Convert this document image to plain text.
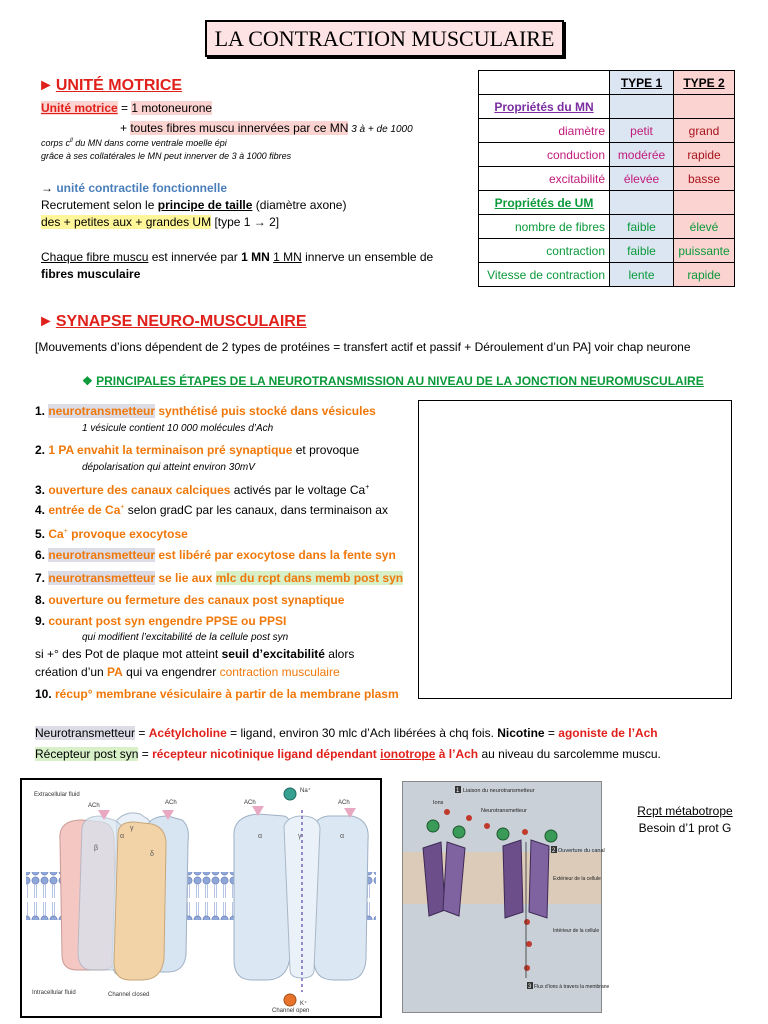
LA CONTRACTION MUSCULAIRE
► UNITÉ MOTRICE
Unité motrice = 1 motoneurone
+ toutes fibres muscu innervées par ce MN 3 à + de 1000
corps $c^{ll}$ du MN dans corne ventrale moelle épi
grâce à ses collatérales le MN peut innerver de 3 à 1000 fibres
→ unité contractile fonctionnelle
Recrutement selon le principe de taille (diamètre axone)
des + petites aux + grandes UM [type 1 → 2]
Chaque fibre muscu est innervée par 1 MN 1 MN innerve un ensemble de
fibres musculaire
	TYPE 1	TYPE 2
Propriétés du MN		
diamètre	petit	grand
conduction	modérée	rapide
excitabilité	élevée	basse
Propriétés de UM		
nombre de fibres	faible	élevé
contraction	faible	puissante
Vitesse de contraction	lente	rapide
► SYNAPSE NEURO-MUSCULAIRE
[Mouvements d’ions dépendent de 2 types de protéines = transfert actif et passif + Déroulement d’un PA] voir chap neurone
❖ PRINCIPALES ÉTAPES DE LA NEUROTRANSMISSION AU NIVEAU DE LA JONCTION NEUROMUSCULAIRE
1. neurotransmetteur synthétisé puis stocké dans vésicules
1 vésicule contient 10 000 molécules d’Ach
2. 1 PA envahit la terminaison pré synaptique et provoque
dépolarisation qui atteint environ 30mV
3. ouverture des canaux calciques activés par le voltage Ca+
4. entrée de Ca+ selon gradC par les canaux, dans terminaison ax
5. Ca+ provoque exocytose
6. neurotransmetteur est libéré par exocytose dans la fente syn
7. neurotransmetteur se lie aux mlc du rcpt dans memb post syn
8. ouverture ou fermeture des canaux post synaptique
9. courant post syn engendre PPSE ou PPSI
qui modifient l’excitabilité de la cellule post syn
si +° des Pot de plaque mot atteint seuil d’excitabilité alors
création d’un PA qui va engendrer contraction musculaire
10. récup° membrane vésiculaire à partir de la membrane plasm
Neurotransmetteur = Acétylcholine = ligand, environ 30 mlc d’Ach libérées à chq fois. Nicotine = agoniste de l’Ach
Récepteur post syn = récepteur nicotinique ligand dépendant ionotrope à l’Ach au niveau du sarcolemme muscu.
Extracellular fluid
Intracellular fluid
ACh	ACh	ACh	ACh
Na⁺
K⁺
β
α
γ
δ
α	γ	α
Channel closed
Channel open
1 Liaison du neurotransmetteur
Ions
Neurotransmetteur
2 Ouverture du canal
Extérieur de la cellule
Intérieur de la cellule
3 Flux d’ions à travers la membrane
Rcpt métabotrope
Besoin d’1 prot G
